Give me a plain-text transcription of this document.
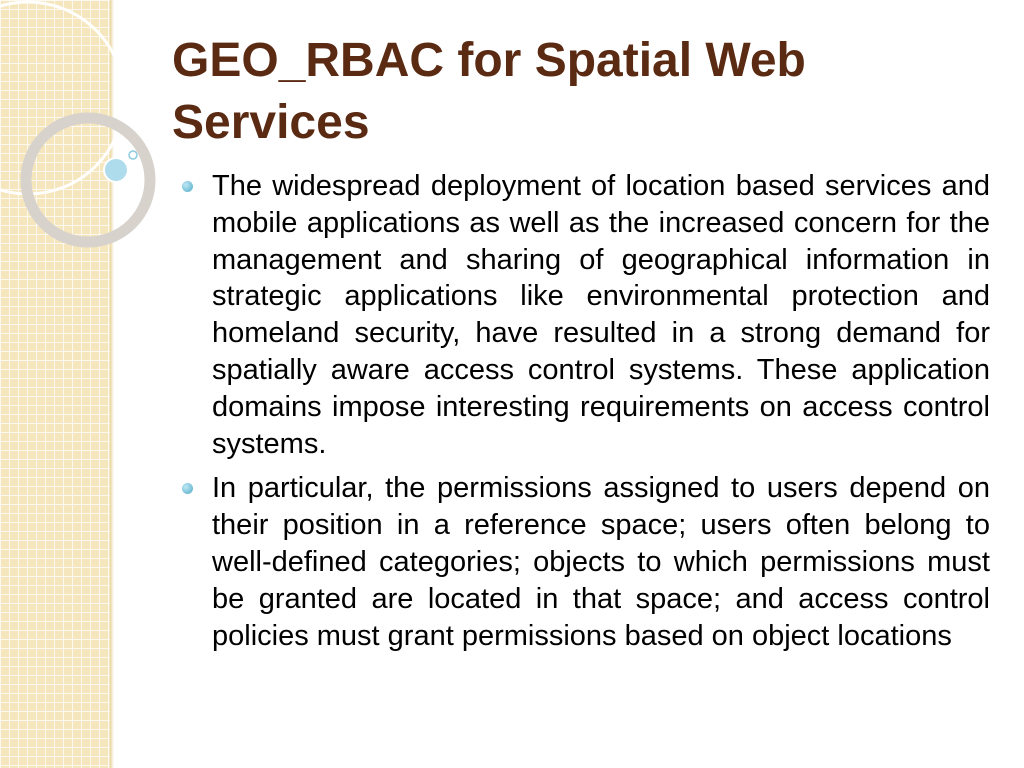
GEO_RBAC for Spatial Web Services
The widespread deployment of location based services and mobile applications as well as the increased concern for the management and sharing of geographical information in strategic applications like environmental protection and homeland security, have resulted in a strong demand for spatially aware access control systems. These application domains impose interesting requirements on access control systems.
In particular, the permissions assigned to users depend on their position in a reference space; users often belong to well-defined categories; objects to which permissions must be granted are located in that space; and access control policies must grant permissions based on object locations
